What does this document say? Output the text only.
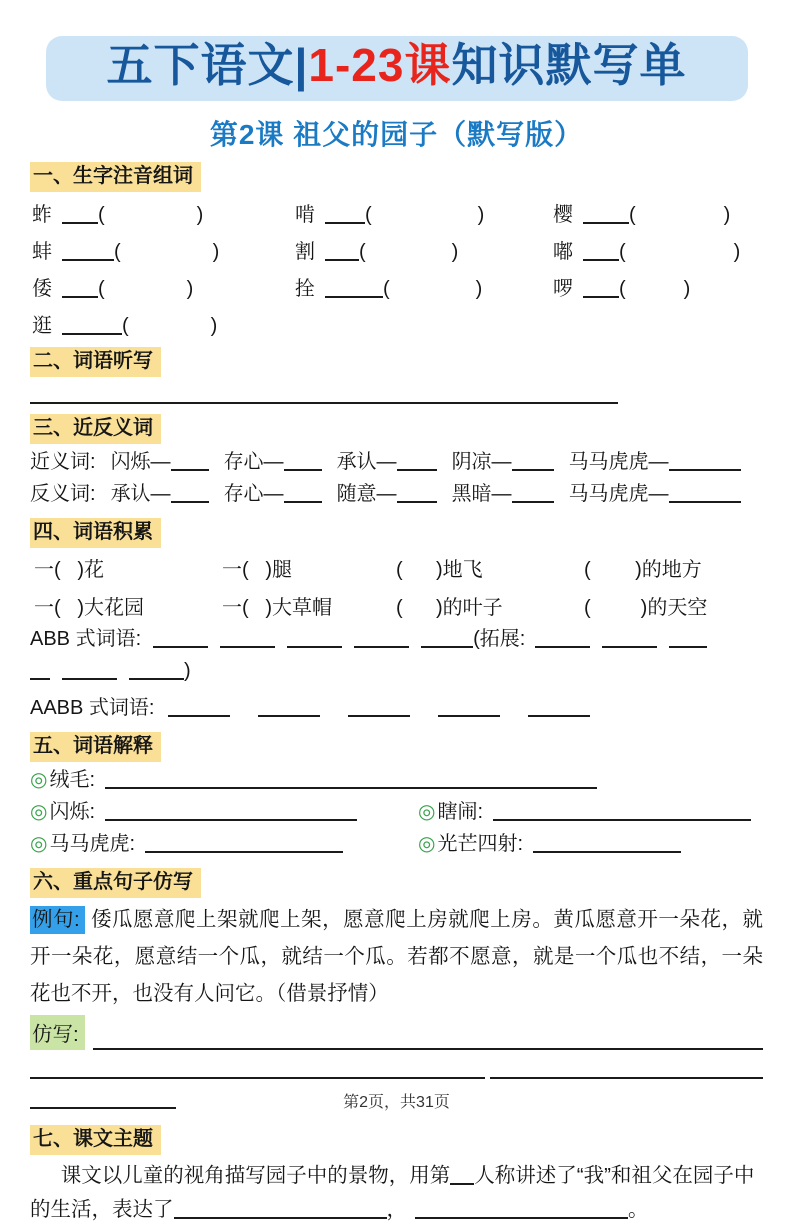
五下语文|1-23课知识默写单
第2课 祖父的园子（默写版）
一、生字注音组词
蚱 (	)	啃	(	)	樱	(	)
蚌	(	)	割 (	)	嘟 (	)
倭 (	)	拴	(	)	啰 (	)
逛	(	)
二、词语听写
三、近反义词
近义词: 闪烁—	存心—	承认—	阴凉—	马马虎虎—
反义词: 承认—	存心—	随意—	黑暗—	马马虎虎—
四、词语积累
一(   )花	一(   )腿	(      )地飞	(        )的地方
一(   )大花园	一(   )大草帽	(      )的叶子	(         )的天空
ABB 式词语:	(拓展:
)
AABB 式词语:
五、词语解释
◎ 绒毛:
◎ 闪烁:	◎ 瞎闹:
◎ 马马虎虎:	◎ 光芒四射:
六、重点句子仿写

例句: 倭瓜愿意爬上架就爬上架，愿意爬上房就爬上房。黄瓜愿意开一朵花，就开一朵花，愿意结一个瓜，就结一个瓜。若都不愿意，就是一个瓜也不结，一朵花也不开，也没有人问它。（借景抒情）

仿写:
七、课文主题

课文以儿童的视角描写园子中的景物，用第 人称讲述了“我”和祖父在园子中的生活，表达了	，	。

第2页，共31页
